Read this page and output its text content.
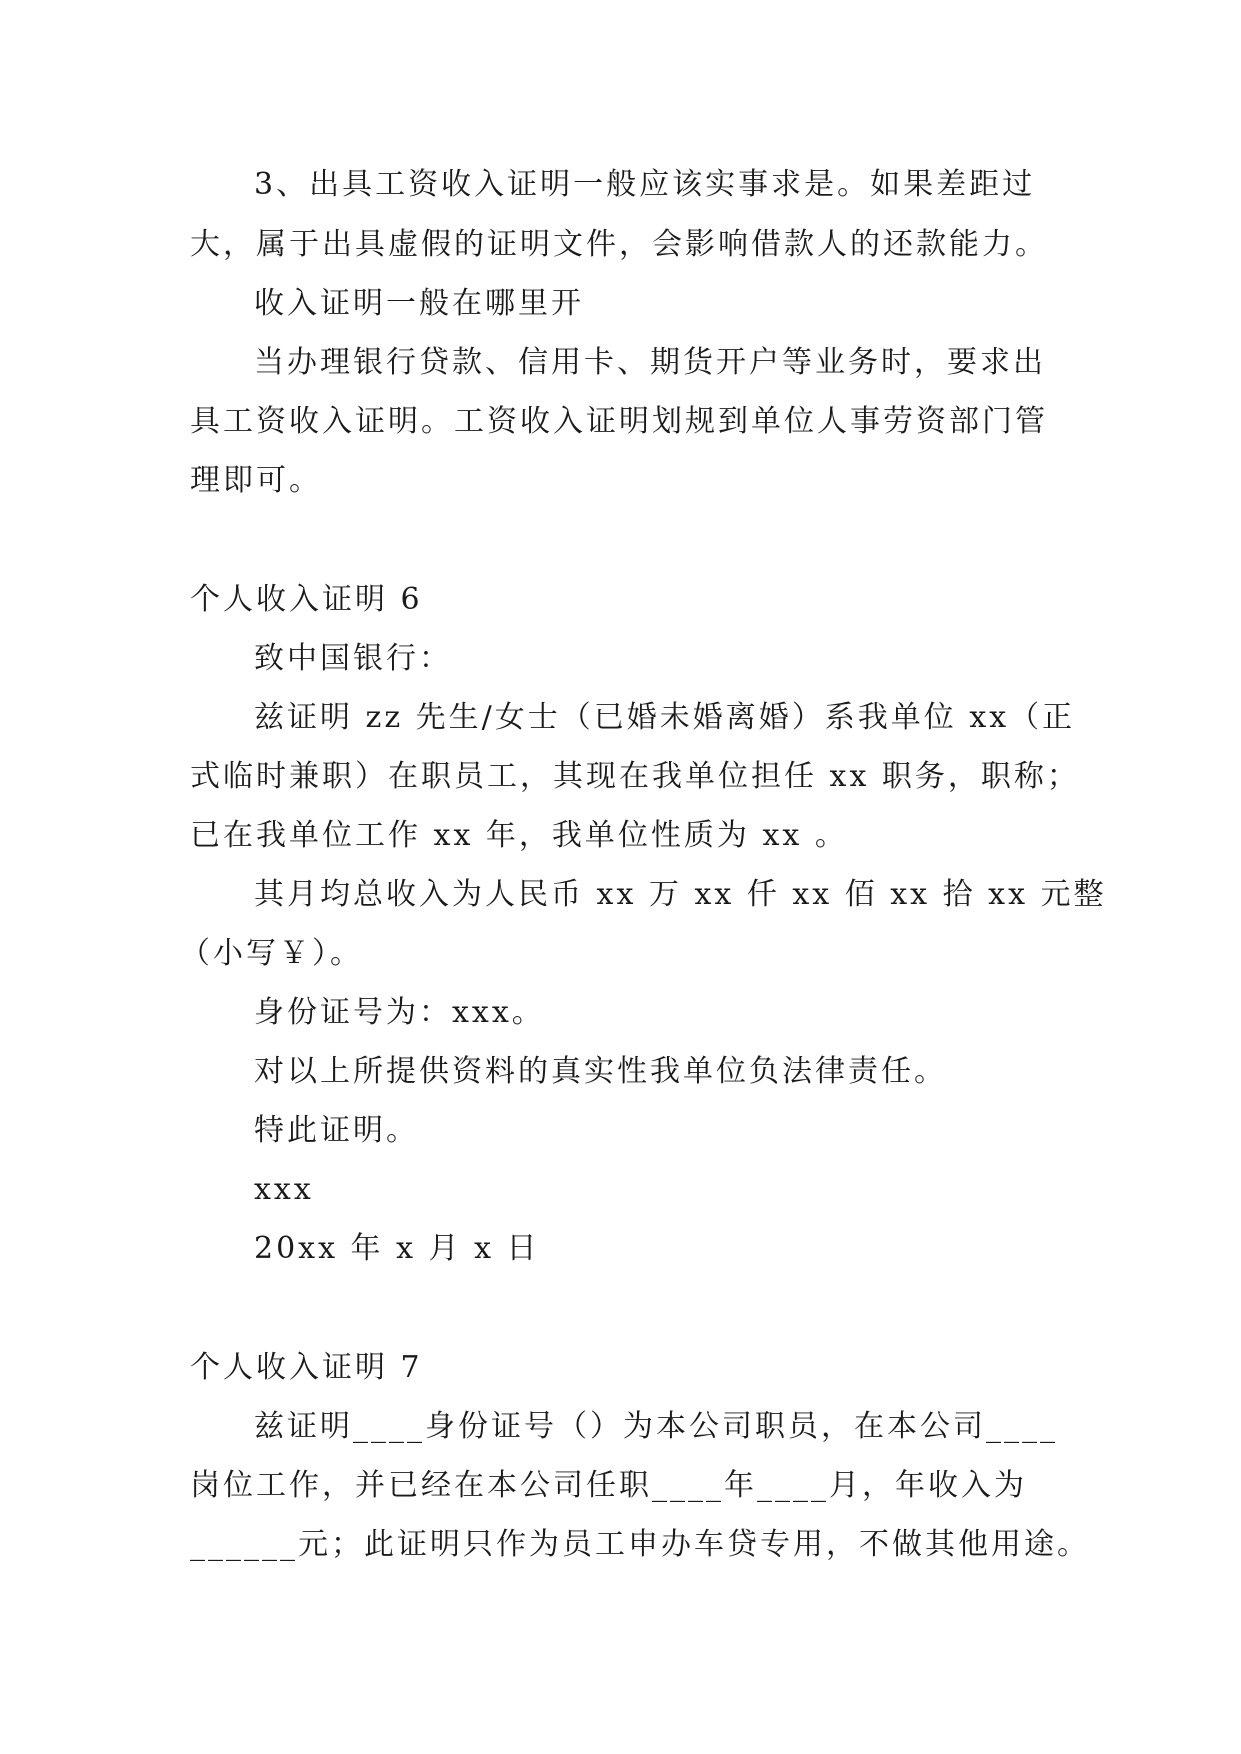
3、出具工资收入证明一般应该实事求是。如果差距过
大，属于出具虚假的证明文件，会影响借款人的还款能力。
收入证明一般在哪里开
当办理银行贷款、信用卡、期货开户等业务时，要求出
具工资收入证明。工资收入证明划规到单位人事劳资部门管
理即可。
个人收入证明 6
致中国银行：
兹证明 zz 先生/女士（已婚未婚离婚）系我单位 xx（正
式临时兼职）在职员工，其现在我单位担任 xx 职务，职称；
已在我单位工作 xx 年，我单位性质为 xx 。
其月均总收入为人民币 xx 万 xx 仟 xx 佰 xx 拾 xx 元整
（小写￥）。
身份证号为：xxx。
对以上所提供资料的真实性我单位负法律责任。
特此证明。
xxx
20xx 年 x 月 x 日
个人收入证明 7
兹证明____身份证号（）为本公司职员，在本公司____
岗位工作，并已经在本公司任职____年____月，年收入为
______元；此证明只作为员工申办车贷专用，不做其他用途。
